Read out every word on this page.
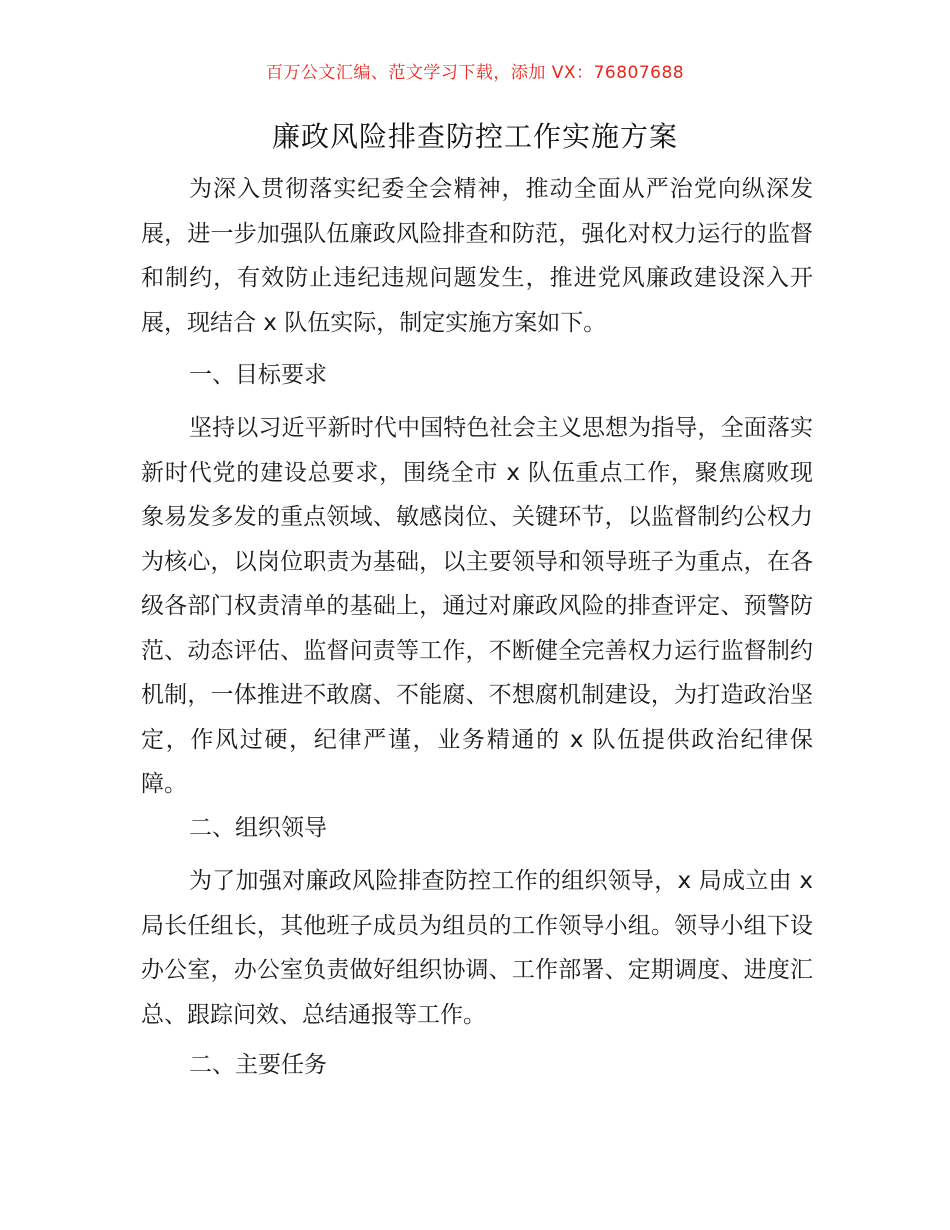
百万公文汇编、范文学习下载，添加 VX：76807688
廉政风险排查防控工作实施方案

为深入贯彻落实纪委全会精神，推动全面从严治党向纵深发展，进一步加强队伍廉政风险排查和防范，强化对权力运行的监督和制约，有效防止违纪违规问题发生，推进党风廉政建设深入开展，现结合 x 队伍实际，制定实施方案如下。

一、目标要求

坚持以习近平新时代中国特色社会主义思想为指导，全面落实新时代党的建设总要求，围绕全市 x 队伍重点工作，聚焦腐败现象易发多发的重点领域、敏感岗位、关键环节，以监督制约公权力为核心，以岗位职责为基础，以主要领导和领导班子为重点，在各级各部门权责清单的基础上，通过对廉政风险的排查评定、预警防范、动态评估、监督问责等工作，不断健全完善权力运行监督制约机制，一体推进不敢腐、不能腐、不想腐机制建设，为打造政治坚定，作风过硬，纪律严谨，业务精通的 x 队伍提供政治纪律保障。

二、组织领导

为了加强对廉政风险排查防控工作的组织领导，x 局成立由 x 局长任组长，其他班子成员为组员的工作领导小组。领导小组下设办公室，办公室负责做好组织协调、工作部署、定期调度、进度汇总、跟踪问效、总结通报等工作。

二、主要任务
